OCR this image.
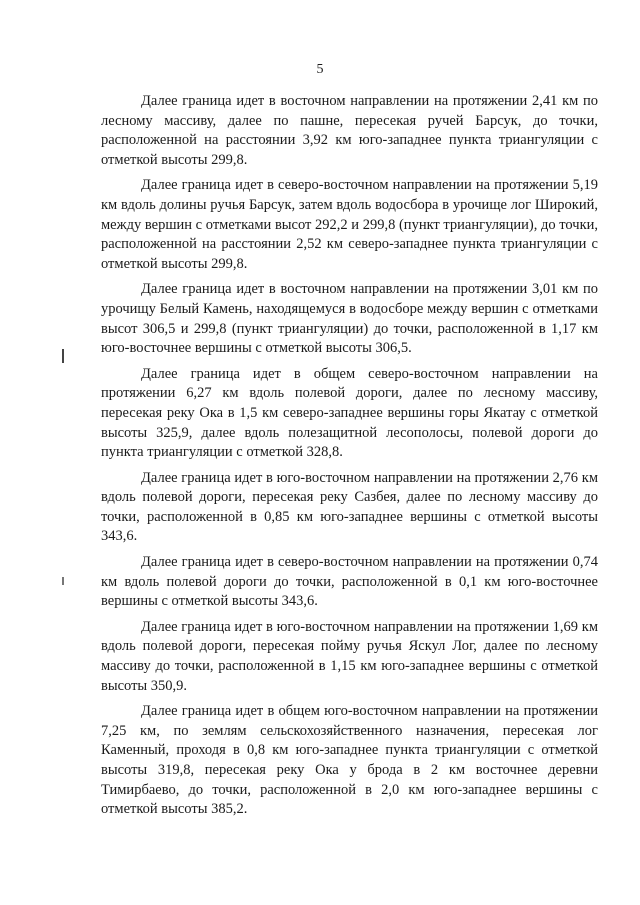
5

Далее граница идет в восточном направлении на протяжении 2,41 км по лесному массиву, далее по пашне, пересекая ручей Барсук, до точки, расположенной на расстоянии 3,92 км юго-западнее пункта триангуляции с отметкой высоты 299,8.

Далее граница идет в северо-восточном направлении на протяжении 5,19 км вдоль долины ручья Барсук, затем вдоль водосбора в урочище лог Широкий, между вершин с отметками высот 292,2 и 299,8 (пункт триангуляции), до точки, расположенной на расстоянии 2,52 км северо-западнее пункта триангуляции с отметкой высоты 299,8.

Далее граница идет в восточном направлении на протяжении 3,01 км по урочищу Белый Камень, находящемуся в водосборе между вершин с отметками высот 306,5 и 299,8 (пункт триангуляции) до точки, расположенной в 1,17 км юго-восточнее вершины с отметкой высоты 306,5.

Далее граница идет в общем северо-восточном направлении на протяжении 6,27 км вдоль полевой дороги, далее по лесному массиву, пересекая реку Ока в 1,5 км северо-западнее вершины горы Якатау с отметкой высоты 325,9, далее вдоль полезащитной лесополосы, полевой дороги до пункта триангуляции с отметкой 328,8.

Далее граница идет в юго-восточном направлении на протяжении 2,76 км вдоль полевой дороги, пересекая реку Сазбея, далее по лесному массиву до точки, расположенной в 0,85 км юго-западнее вершины с отметкой высоты 343,6.

Далее граница идет в северо-восточном направлении на протяжении 0,74 км вдоль полевой дороги до точки, расположенной в 0,1 км юго-восточнее вершины с отметкой высоты 343,6.

Далее граница идет в юго-восточном направлении на протяжении 1,69 км вдоль полевой дороги, пересекая пойму ручья Яскул Лог, далее по лесному массиву до точки, расположенной в 1,15 км юго-западнее вершины с отметкой высоты 350,9.

Далее граница идет в общем юго-восточном направлении на протяжении 7,25 км, по землям сельскохозяйственного назначения, пересекая лог Каменный, проходя в 0,8 км юго-западнее пункта триангуляции с отметкой высоты 319,8, пересекая реку Ока у брода в 2 км восточнее деревни Тимирбаево, до точки, расположенной в 2,0 км юго-западнее вершины с отметкой высоты 385,2.
